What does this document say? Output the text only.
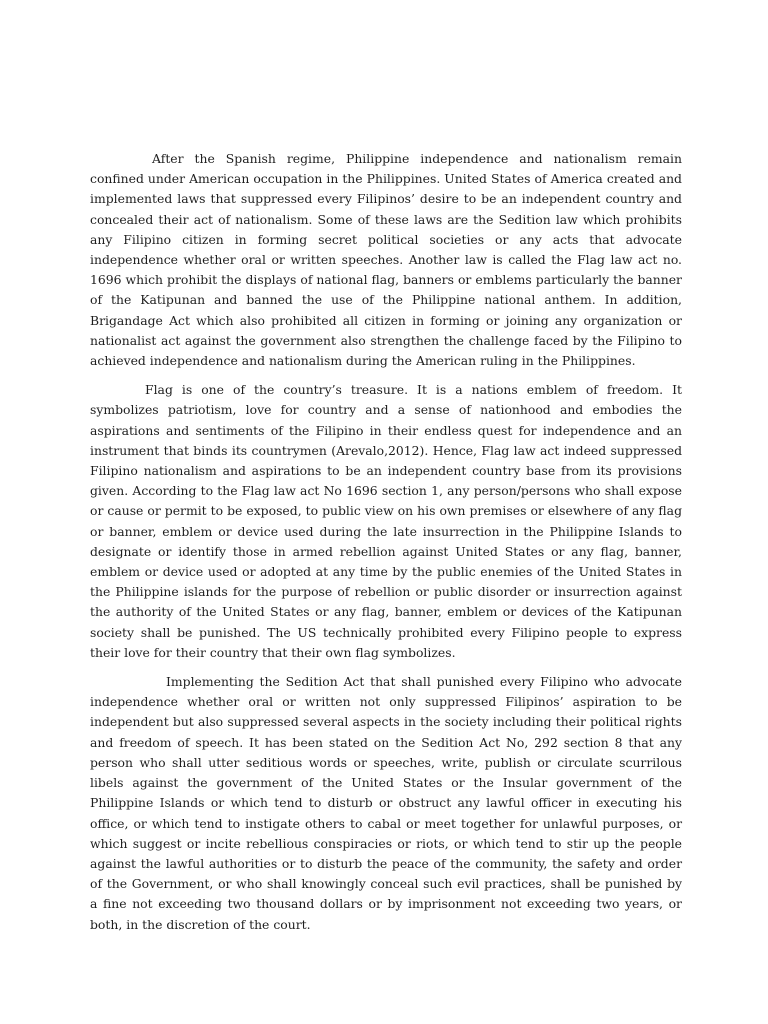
After the Spanish regime, Philippine independence and nationalism remain confined under American occupation in the Philippines. United States of America created and implemented laws that suppressed every Filipinos’ desire to be an independent country and concealed their act of nationalism. Some of these laws are the Sedition law which prohibits any Filipino citizen in forming secret political societies or any acts that advocate independence whether oral or written speeches. Another law is called the Flag law act no. 1696 which prohibit the displays of national flag, banners or emblems particularly the banner of the Katipunan and banned the use of the Philippine national anthem. In addition, Brigandage Act which also prohibited all citizen in forming or joining any organization or nationalist act against the government also strengthen the challenge faced by the Filipino to achieved independence and nationalism during the American ruling in the Philippines.

Flag is one of the country’s treasure. It is a nations emblem of freedom. It symbolizes patriotism, love for country and a sense of nationhood and embodies the aspirations and sentiments of the Filipino in their endless quest for independence and an instrument that binds its countrymen (Arevalo,2012). Hence, Flag law act indeed suppressed Filipino nationalism and aspirations to be an independent country base from its provisions given. According to the Flag law act No 1696 section 1, any person/persons who shall expose or cause or permit to be exposed, to public view on his own premises or elsewhere of any flag or banner, emblem or device used during the late insurrection in the Philippine Islands to designate or identify those in armed rebellion against United States or any flag, banner, emblem or device used or adopted at any time by the public enemies of the United States in the Philippine islands for the purpose of rebellion or public disorder or insurrection against the authority of the United States or any flag, banner, emblem or devices of the Katipunan society shall be punished. The US technically prohibited every Filipino people to express their love for their country that their own flag symbolizes.

Implementing the Sedition Act that shall punished every Filipino who advocate independence whether oral or written not only suppressed Filipinos’ aspiration to be independent but also suppressed several aspects in the society including their political rights and freedom of speech. It has been stated on the Sedition Act No, 292 section 8 that any person who shall utter seditious words or speeches, write, publish or circulate scurrilous libels against the government of the United States or the Insular government of the Philippine Islands or which tend to disturb or obstruct any lawful officer in executing his office, or which tend to instigate others to cabal or meet together for unlawful purposes, or which suggest or incite rebellious conspiracies or riots, or which tend to stir up the people against the lawful authorities or to disturb the peace of the community, the safety and order of the Government, or who shall knowingly conceal such evil practices, shall be punished by a fine not exceeding two thousand dollars or by imprisonment not exceeding two years, or both, in the discretion of the court.
